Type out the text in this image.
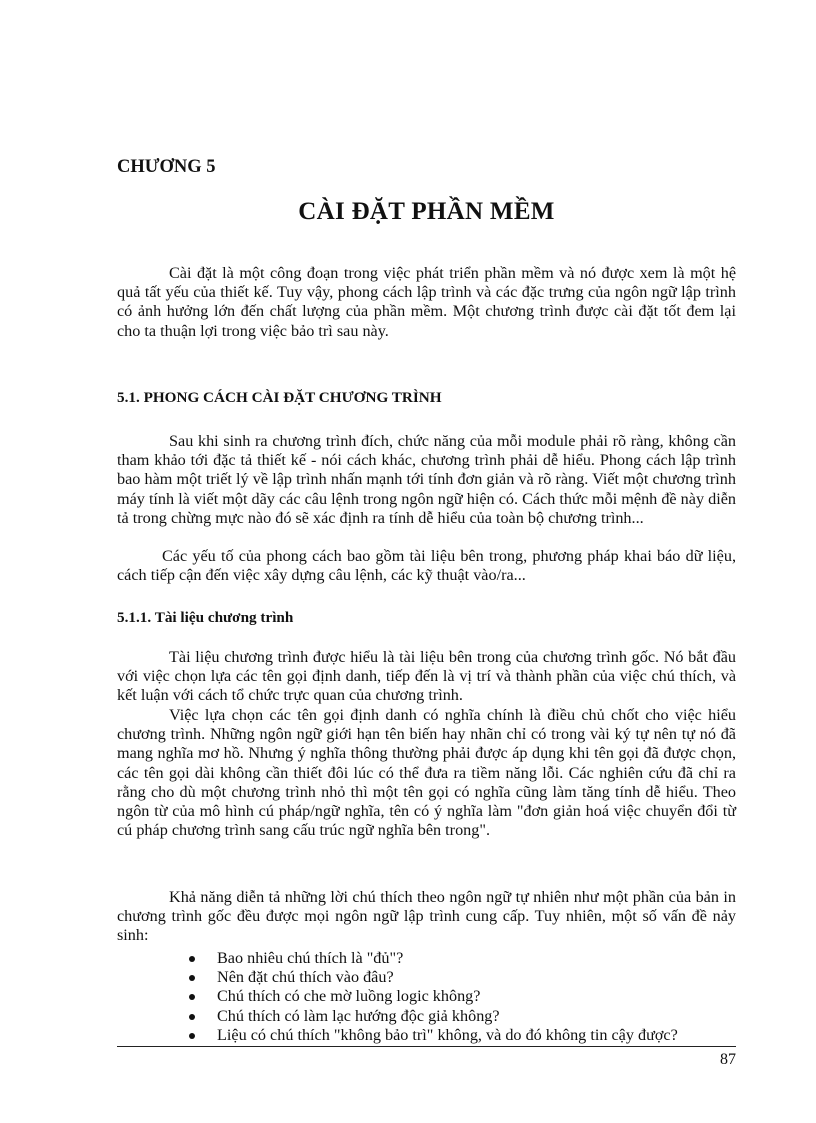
CHƯƠNG 5
CÀI ĐẶT PHẦN MỀM

Cài đặt là một công đoạn trong việc phát triển phần mềm và nó được xem là một hệ quả tất yếu của thiết kế. Tuy vậy, phong cách lập trình và các đặc trưng của ngôn ngữ lập trình có ảnh hưởng lớn đến chất lượng của phần mềm. Một chương trình được cài đặt tốt đem lại cho ta thuận lợi trong việc bảo trì sau này.

5.1. PHONG CÁCH CÀI ĐẶT CHƯƠNG TRÌNH

Sau khi sinh ra chương trình đích, chức năng của mỗi module phải rõ ràng, không cần tham khảo tới đặc tả thiết kế - nói cách khác, chương trình phải dễ hiểu. Phong cách lập trình bao hàm một triết lý về lập trình nhấn mạnh tới tính đơn giản và rõ ràng. Viết một chương trình máy tính là viết một dãy các câu lệnh trong ngôn ngữ hiện có. Cách thức mỗi mệnh đề này diễn tả trong chừng mực nào đó sẽ xác định ra tính dễ hiểu của toàn bộ chương trình...

Các yếu tố của phong cách bao gồm tài liệu bên trong, phương pháp khai báo dữ liệu, cách tiếp cận đến việc xây dựng câu lệnh, các kỹ thuật vào/ra...

5.1.1. Tài liệu chương trình

Tài liệu chương trình được hiểu là tài liệu bên trong của chương trình gốc. Nó bắt đầu với việc chọn lựa các tên gọi định danh, tiếp đến là vị trí và thành phần của việc chú thích, và kết luận với cách tổ chức trực quan của chương trình.

Việc lựa chọn các tên gọi định danh có nghĩa chính là điều chủ chốt cho việc hiểu chương trình. Những ngôn ngữ giới hạn tên biến hay nhãn chỉ có trong vài ký tự nên tự nó đã mang nghĩa mơ hồ. Nhưng ý nghĩa thông thường phải được áp dụng khi tên gọi đã được chọn, các tên gọi dài không cần thiết đôi lúc có thể đưa ra tiềm năng lỗi. Các nghiên cứu đã chỉ ra rằng cho dù một chương trình nhỏ thì một tên gọi có nghĩa cũng làm tăng tính dễ hiểu. Theo ngôn từ của mô hình cú pháp/ngữ nghĩa, tên có ý nghĩa làm "đơn giản hoá việc chuyển đổi từ cú pháp chương trình sang cấu trúc ngữ nghĩa bên trong".

Khả năng diễn tả những lời chú thích theo ngôn ngữ tự nhiên như một phần của bản in chương trình gốc đều được mọi ngôn ngữ lập trình cung cấp. Tuy nhiên, một số vấn đề nảy sinh:

Bao nhiêu chú thích là "đủ"?
Nên đặt chú thích vào đâu?
Chú thích có che mờ luồng logic không?
Chú thích có làm lạc hướng độc giả không?
Liệu có chú thích "không bảo trì" không, và do đó không tin cậy được?
87
